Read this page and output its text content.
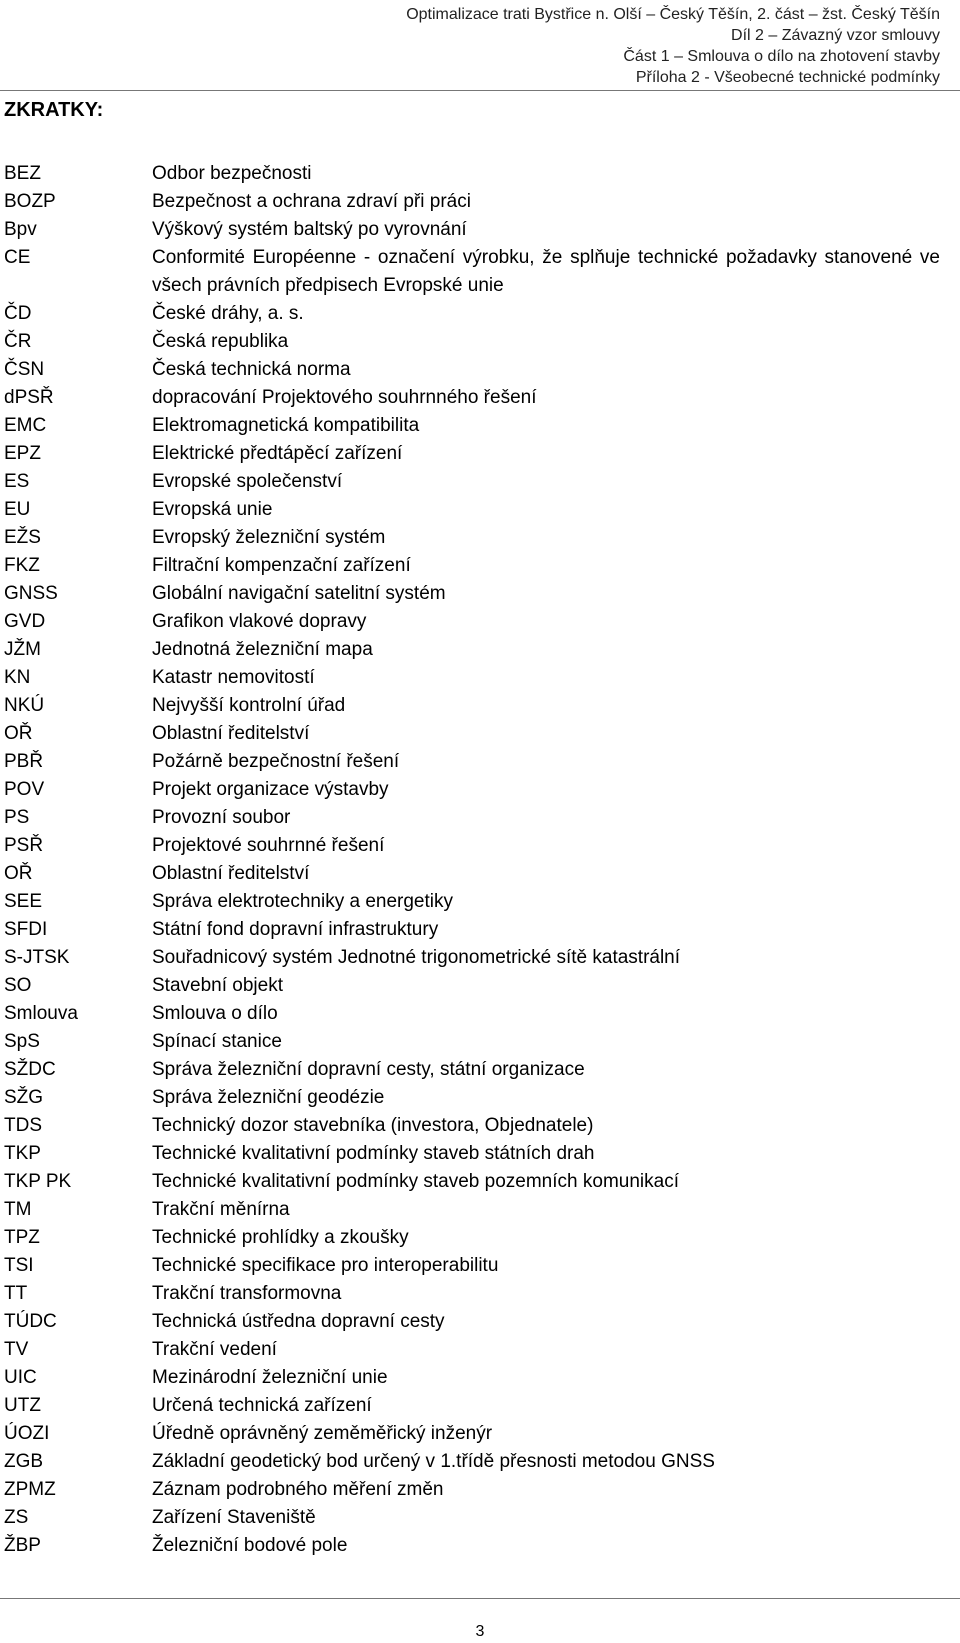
Optimalizace trati Bystřice n. Olší – Český Těšín, 2. část – žst. Český Těšín
Díl 2 – Závazný vzor smlouvy
Část 1 – Smlouva o dílo na zhotovení stavby
Příloha 2 - Všeobecné technické podmínky
ZKRATKY:
BEZ	Odbor bezpečnosti
BOZP	Bezpečnost a ochrana zdraví při práci
Bpv	Výškový systém baltský po vyrovnání
CE	Conformité Européenne - označení výrobku, že splňuje technické požadavky stanovené ve všech právních předpisech Evropské unie
ČD	České dráhy, a. s.
ČR	Česká republika
ČSN	Česká technická norma
dPSŘ	dopracování Projektového souhrnného řešení
EMC	Elektromagnetická kompatibilita
EPZ	Elektrické předtápěcí zařízení
ES	Evropské společenství
EU	Evropská unie
EŽS	Evropský železniční systém
FKZ	Filtrační kompenzační zařízení
GNSS	Globální navigační satelitní systém
GVD	Grafikon vlakové dopravy
JŽM	Jednotná železniční mapa
KN	Katastr nemovitostí
NKÚ	Nejvyšší kontrolní úřad
OŘ	Oblastní ředitelství
PBŘ	Požárně bezpečnostní řešení
POV	Projekt organizace výstavby
PS	Provozní soubor
PSŘ	Projektové souhrnné řešení
OŘ	Oblastní ředitelství
SEE	Správa elektrotechniky a energetiky
SFDI	Státní fond dopravní infrastruktury
S-JTSK	Souřadnicový systém Jednotné trigonometrické sítě katastrální
SO	Stavební objekt
Smlouva	Smlouva o dílo
SpS	Spínací stanice
SŽDC	Správa železniční dopravní cesty, státní organizace
SŽG	Správa železniční geodézie
TDS	Technický dozor stavebníka (investora, Objednatele)
TKP	Technické kvalitativní podmínky staveb státních drah
TKP PK	Technické kvalitativní podmínky staveb pozemních komunikací
TM	Trakční měnírna
TPZ	Technické prohlídky a zkoušky
TSI	Technické specifikace pro interoperabilitu
TT	Trakční transformovna
TÚDC	Technická ústředna dopravní cesty
TV	Trakční vedení
UIC	Mezinárodní železniční unie
UTZ	Určená technická zařízení
ÚOZI	Úředně oprávněný zeměměřický inženýr
ZGB	Základní geodetický bod určený v 1.třídě přesnosti metodou GNSS
ZPMZ	Záznam podrobného měření změn
ZS	Zařízení Staveniště
ŽBP	Železniční bodové pole
3
